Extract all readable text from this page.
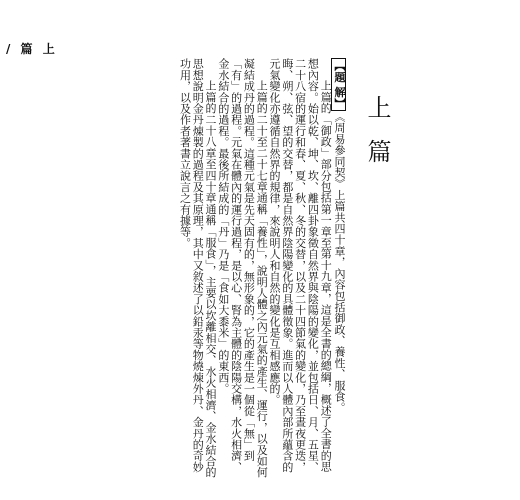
/ 篇 上
上篇

【題 解】《周易參同契》上篇共四十章，內容包括御政、養性、服食。

上篇的「御政」部分包括第一章至第十九章，這是全書的總綱，概述了全書的思想內容。始以乾、坤、坎、離四卦象徵自然界與陰陽的變化，並包括日、月、五星、二十八宿的運行和春、夏、秋、冬的交替，以及二十四節氣的變化，乃至晝夜更迭，晦、朔、弦、望的交替，都是自然界陰陽變化的具體徵象。進而以人體內部所蘊含的元氣變化亦遵循自然界的規律，來說明人和自然的變化是互相感應的。

上篇的二十至二十七章通稱「養性」，說明人體之內元氣的產生、運行，以及如何凝結成丹的過程。這種元氣是先天固有的，無形象的，它的產生是一個從「無」到「有」的過程。元氣在體內的運行過程，是以心、腎為主體的陰陽交構，水火相濟、金水結合的過程。最後所結成的「丹」乃是「食如大黍米」的東西。

上篇的二十八章至四十章通稱「服食」，主要以坎離相交、水火相濟、金水結合的思想說明金丹煉製的過程及其原理，其中又敘述了以鉛汞等物燒煉外丹、金丹的奇妙功用，以及作者著書立說言之有據等。
